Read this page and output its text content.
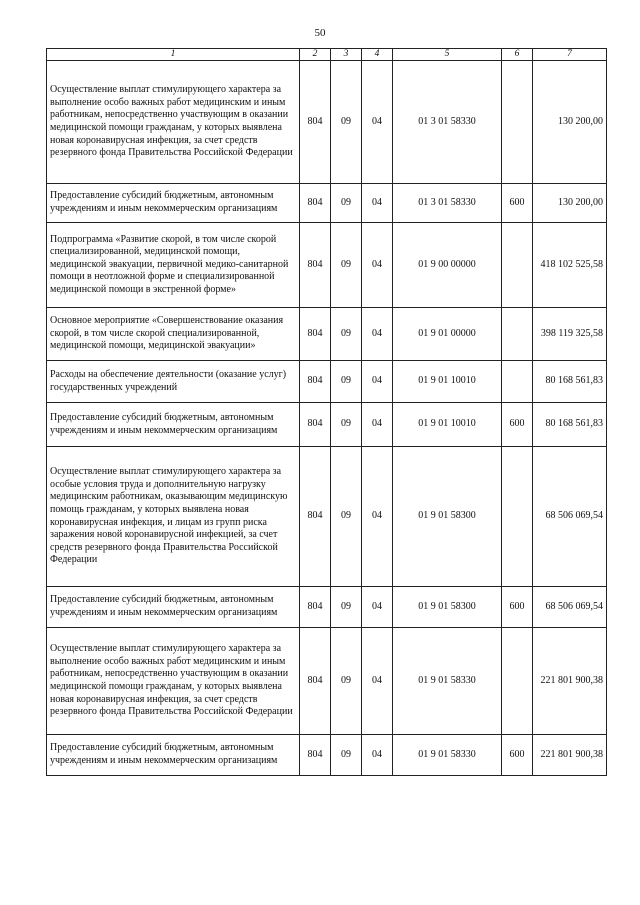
50
1	2	3	4	5	6	7
Осуществление выплат стимулирующего характера за выполнение особо важных работ медицинским и иным работникам, непосредственно участвующим в оказании медицинской помощи гражданам, у которых выявлена новая коронавирусная инфекция, за счет средств резервного фонда Правительства Российской Федерации	804	09	04	01 3 01 58330		130 200,00
Предоставление субсидий бюджетным, автономным учреждениям и иным некоммерческим организациям	804	09	04	01 3 01 58330	600	130 200,00
Подпрограмма «Развитие скорой, в том числе скорой специализированной, медицинской помощи, медицинской эвакуации, первичной медико-санитарной помощи в неотложной форме и специализированной медицинской помощи в экстренной форме»	804	09	04	01 9 00 00000		418 102 525,58
Основное мероприятие «Совершенствование оказания скорой, в том числе скорой специализированной, медицинской помощи, медицинской эвакуации»	804	09	04	01 9 01 00000		398 119 325,58
Расходы на обеспечение деятельности (оказание услуг) государственных учреждений	804	09	04	01 9 01 10010		80 168 561,83
Предоставление субсидий бюджетным, автономным учреждениям и иным некоммерческим организациям	804	09	04	01 9 01 10010	600	80 168 561,83
Осуществление выплат стимулирующего характера за особые условия труда и дополнительную нагрузку медицинским работникам, оказывающим медицинскую помощь гражданам, у которых выявлена новая коронавирусная инфекция, и лицам из групп риска заражения новой коронавирусной инфекцией, за счет средств резервного фонда Правительства Российской Федерации	804	09	04	01 9 01 58300		68 506 069,54
Предоставление субсидий бюджетным, автономным учреждениям и иным некоммерческим организациям	804	09	04	01 9 01 58300	600	68 506 069,54
Осуществление выплат стимулирующего характера за выполнение особо важных работ медицинским и иным работникам, непосредственно участвующим в оказании медицинской помощи гражданам, у которых выявлена новая коронавирусная инфекция, за счет средств резервного фонда Правительства Российской Федерации	804	09	04	01 9 01 58330		221 801 900,38
Предоставление субсидий бюджетным, автономным учреждениям и иным некоммерческим организациям	804	09	04	01 9 01 58330	600	221 801 900,38
